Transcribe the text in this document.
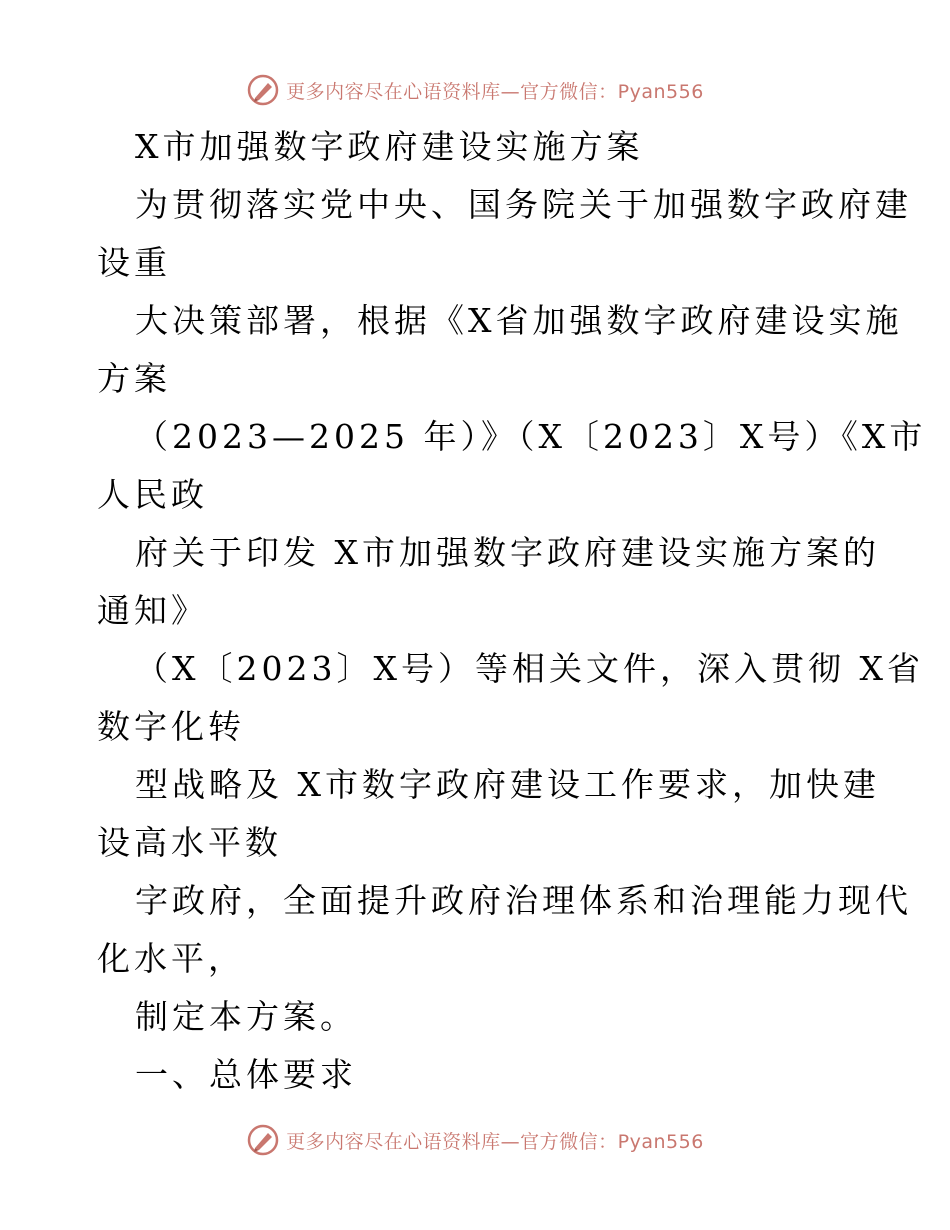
更多内容尽在心语资料库—官方微信：Pyan556
X市加强数字政府建设实施方案
为贯彻落实党中央、国务院关于加强数字政府建
设重
大决策部署，根据《X省加强数字政府建设实施
方案
（2023—2025 年）》（X〔2023〕X号）《X市
人民政
府关于印发 X市加强数字政府建设实施方案的
通知》
（X〔2023〕X号）等相关文件，深入贯彻 X省
数字化转
型战略及 X市数字政府建设工作要求，加快建
设高水平数
字政府，全面提升政府治理体系和治理能力现代
化水平，
制定本方案。
一、总体要求
更多内容尽在心语资料库—官方微信：Pyan556
